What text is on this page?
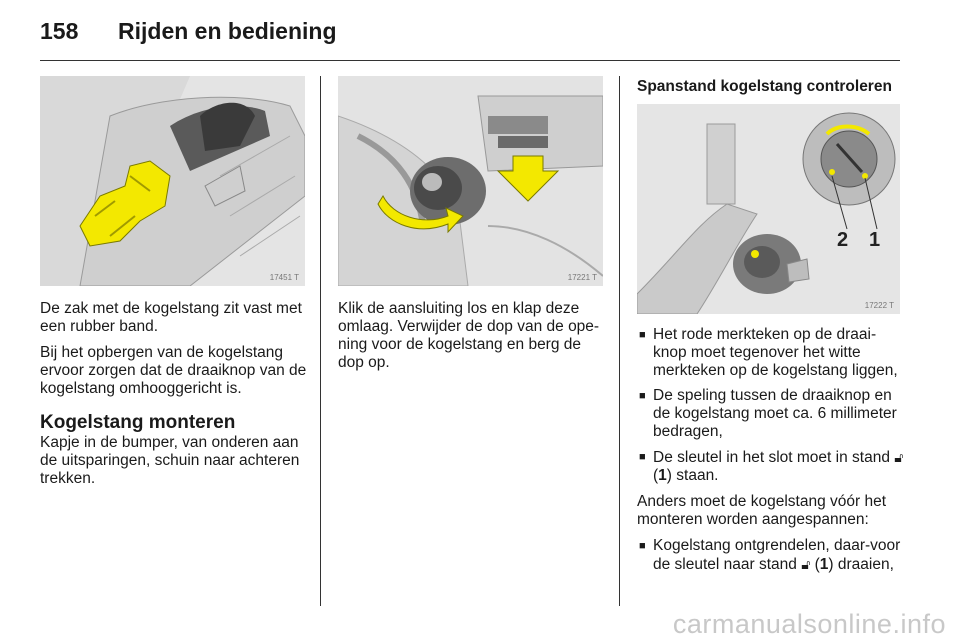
158 Rijden en bediening
17451 T	17221 T
2 1
17222 T

De zak met de kogelstang zit vast met een rubber band.

Bij het opbergen van de kogelstang ervoor zorgen dat de draaiknop van de kogelstang omhooggericht is.

Kogelstang monteren

Kapje in de bumper, van onderen aan de uitsparingen, schuin naar achteren trekken.

Klik de aansluiting los en klap deze omlaag. Verwijder de dop van de ope-ning voor de kogelstang en berg de dop op.

Spanstand kogelstang controleren
■ Het rode merkteken op de draai-knop moet tegenover het witte merkteken op de kogelstang liggen,
■ De speling tussen de draaiknop en de kogelstang moet ca. 6 millimeter bedragen,
■ De sleutel in het slot moet in stand 🔓︎ (1) staan.

Anders moet de kogelstang vóór het monteren worden aangespannen:

■ Kogelstang ontgrendelen, daar-voor de sleutel naar stand 🔓︎ (1) draaien,
carmanualsonline.info
